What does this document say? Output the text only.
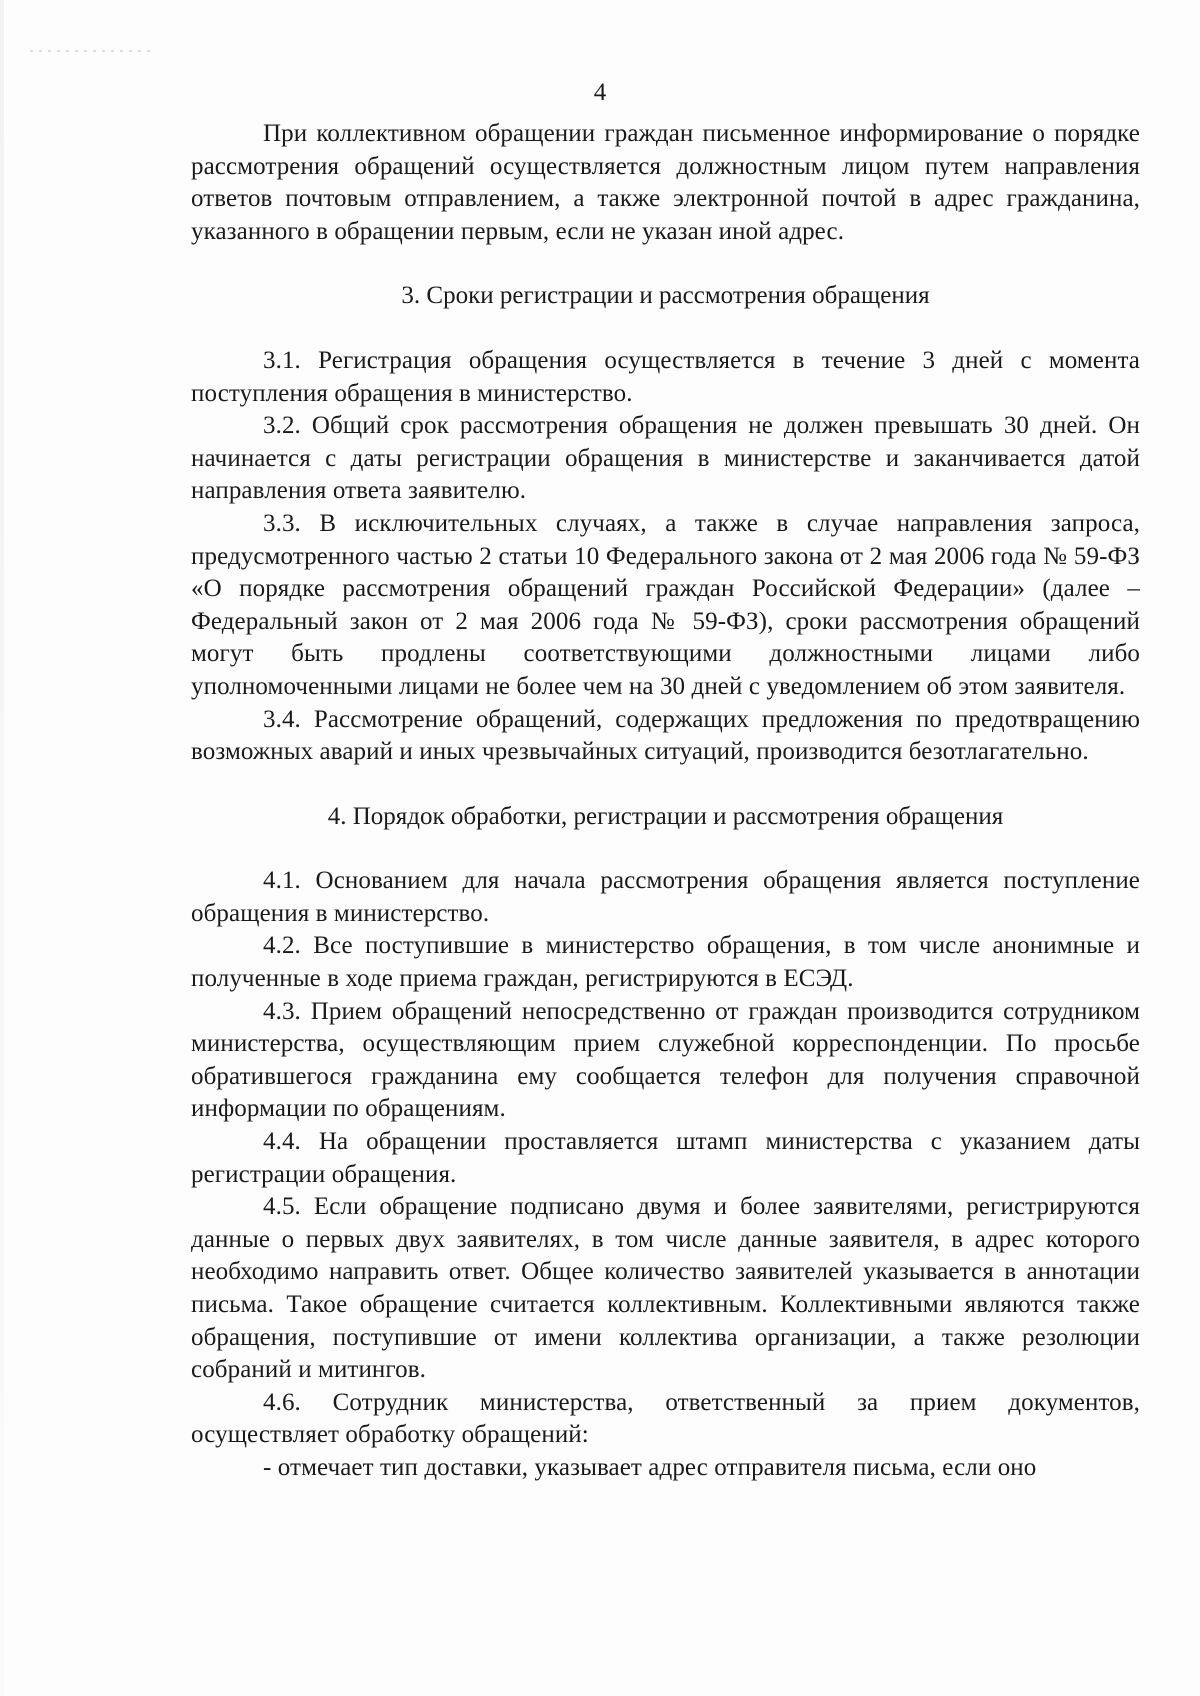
4

При коллективном обращении граждан письменное информирование о порядке рассмотрения обращений осуществляется должностным лицом путем направления ответов почтовым отправлением, а также электронной почтой в адрес гражданина, указанного в обращении первым, если не указан иной адрес.

3. Сроки регистрации и рассмотрения обращения

3.1. Регистрация обращения осуществляется в течение 3 дней с момента поступления обращения в министерство.

3.2. Общий срок рассмотрения обращения не должен превышать 30 дней. Он начинается с даты регистрации обращения в министерстве и заканчивается датой направления ответа заявителю.

3.3. В исключительных случаях, а также в случае направления запроса, предусмотренного частью 2 статьи 10 Федерального закона от 2 мая 2006 года № 59-ФЗ «О порядке рассмотрения обращений граждан Российской Федерации» (далее – Федеральный закон от 2 мая 2006 года № 59-ФЗ), сроки рассмотрения обращений могут быть продлены соответствующими должностными лицами либо уполномоченными лицами не более чем на 30 дней с уведомлением об этом заявителя.

3.4. Рассмотрение обращений, содержащих предложения по предотвращению возможных аварий и иных чрезвычайных ситуаций, производится безотлагательно.

4. Порядок обработки, регистрации и рассмотрения обращения

4.1. Основанием для начала рассмотрения обращения является поступление обращения в министерство.

4.2. Все поступившие в министерство обращения, в том числе анонимные и полученные в ходе приема граждан, регистрируются в ЕСЭД.

4.3. Прием обращений непосредственно от граждан производится сотрудником министерства, осуществляющим прием служебной корреспонденции. По просьбе обратившегося гражданина ему сообщается телефон для получения справочной информации по обращениям.

4.4. На обращении проставляется штамп министерства с указанием даты регистрации обращения.

4.5. Если обращение подписано двумя и более заявителями, регистрируются данные о первых двух заявителях, в том числе данные заявителя, в адрес которого необходимо направить ответ. Общее количество заявителей указывается в аннотации письма. Такое обращение считается коллективным. Коллективными являются также обращения, поступившие от имени коллектива организации, а также резолюции собраний и митингов.

4.6. Сотрудник министерства, ответственный за прием документов, осуществляет обработку обращений:

- отмечает тип доставки, указывает адрес отправителя письма, если оно
